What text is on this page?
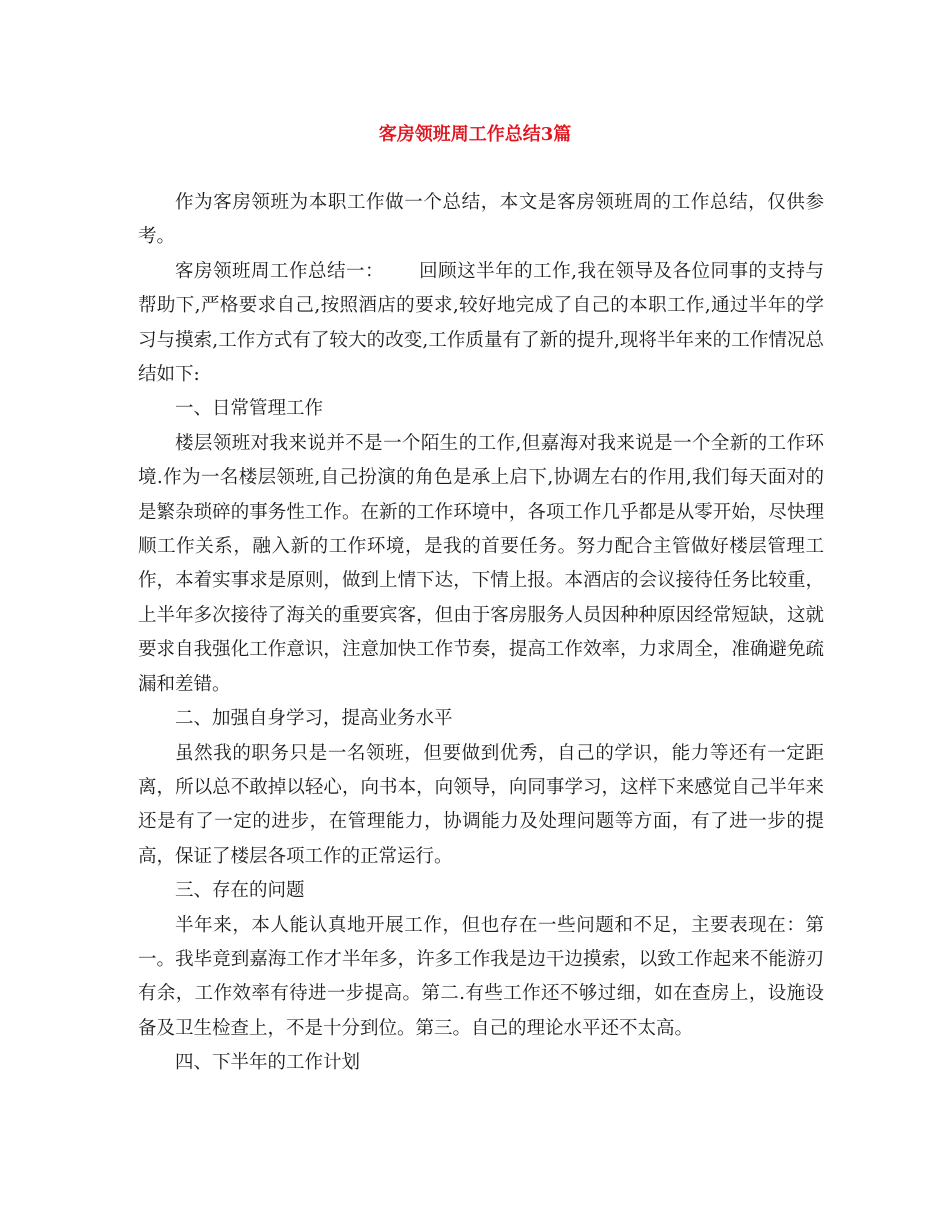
客房领班周工作总结3篇

作为客房领班为本职工作做一个总结，本文是客房领班周的工作总结，仅供参考。

客房领班周工作总结一：　　 回顾这半年的工作,我在领导及各位同事的支持与帮助下,严格要求自己,按照酒店的要求,较好地完成了自己的本职工作,通过半年的学习与摸索,工作方式有了较大的改变,工作质量有了新的提升,现将半年来的工作情况总结如下:

一、日常管理工作

楼层领班对我来说并不是一个陌生的工作,但嘉海对我来说是一个全新的工作环境.作为一名楼层领班,自己扮演的角色是承上启下,协调左右的作用,我们每天面对的是繁杂琐碎的事务性工作。在新的工作环境中，各项工作几乎都是从零开始，尽快理顺工作关系，融入新的工作环境，是我的首要任务。努力配合主管做好楼层管理工作，本着实事求是原则，做到上情下达，下情上报。本酒店的会议接待任务比较重，上半年多次接待了海关的重要宾客，但由于客房服务人员因种种原因经常短缺，这就要求自我强化工作意识，注意加快工作节奏，提高工作效率，力求周全，准确避免疏漏和差错。

二、加强自身学习，提高业务水平

虽然我的职务只是一名领班，但要做到优秀，自己的学识，能力等还有一定距离，所以总不敢掉以轻心，向书本，向领导，向同事学习，这样下来感觉自己半年来还是有了一定的进步，在管理能力，协调能力及处理问题等方面，有了进一步的提高，保证了楼层各项工作的正常运行。

三、存在的问题

半年来，本人能认真地开展工作，但也存在一些问题和不足，主要表现在：第一。我毕竟到嘉海工作才半年多，许多工作我是边干边摸索，以致工作起来不能游刃有余，工作效率有待进一步提高。第二.有些工作还不够过细，如在查房上，设施设备及卫生检查上，不是十分到位。第三。自己的理论水平还不太高。

四、下半年的工作计划
